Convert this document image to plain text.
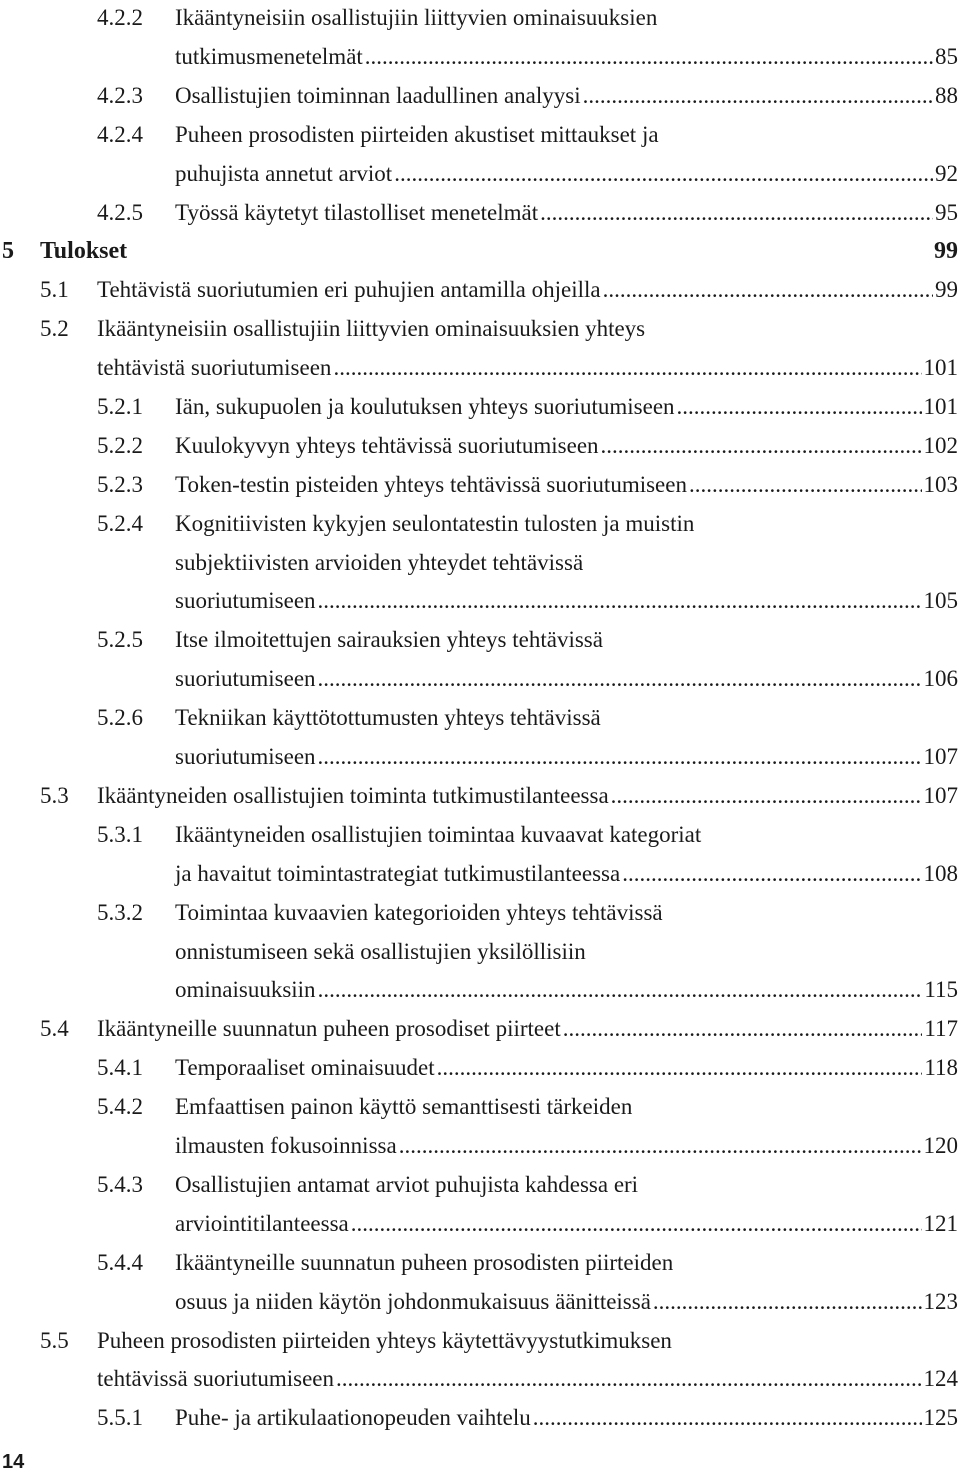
4.2.2 Ikääntyneisiin osallistujiin liittyvien ominaisuuksien
tutkimusmenetelmät .....	85
4.2.3 Osallistujien toiminnan laadullinen analyysi .....	88
4.2.4 Puheen prosodisten piirteiden akustiset mittaukset ja
puhujista annetut arviot .....	92
4.2.5 Työssä käytetyt tilastolliset menetelmät .....	95
5 Tulokset	99
5.1 Tehtävistä suoriutumien eri puhujien antamilla ohjeilla .....	99
5.2 Ikääntyneisiin osallistujiin liittyvien ominaisuuksien yhteys
tehtävistä suoriutumiseen .....	101
5.2.1 Iän, sukupuolen ja koulutuksen yhteys suoriutumiseen .....	101
5.2.2 Kuulokyvyn yhteys tehtävissä suoriutumiseen .....	102
5.2.3 Token-testin pisteiden yhteys tehtävissä suoriutumiseen .....	103
5.2.4 Kognitiivisten kykyjen seulontatestin tulosten ja muistin
subjektiivisten arvioiden yhteydet tehtävissä
suoriutumiseen .....	105
5.2.5 Itse ilmoitettujen sairauksien yhteys tehtävissä
suoriutumiseen .....	106
5.2.6 Tekniikan käyttötottumusten yhteys tehtävissä
suoriutumiseen .....	107
5.3 Ikääntyneiden osallistujien toiminta tutkimustilanteessa .....	107
5.3.1 Ikääntyneiden osallistujien toimintaa kuvaavat kategoriat
ja havaitut toimintastrategiat tutkimustilanteessa .....	108
5.3.2 Toimintaa kuvaavien kategorioiden yhteys tehtävissä
onnistumiseen sekä osallistujien yksilöllisiin
ominaisuuksiin .....	115
5.4 Ikääntyneille suunnatun puheen prosodiset piirteet .....	117
5.4.1 Temporaaliset ominaisuudet .....	118
5.4.2 Emfaattisen painon käyttö semanttisesti tärkeiden
ilmausten fokusoinnissa .....	120
5.4.3 Osallistujien antamat arviot puhujista kahdessa eri
arviointitilanteessa .....	121
5.4.4 Ikääntyneille suunnatun puheen prosodisten piirteiden
osuus ja niiden käytön johdonmukaisuus äänitteissä .....	123
5.5 Puheen prosodisten piirteiden yhteys käytettävyystutkimuksen
tehtävissä suoriutumiseen .....	124
5.5.1 Puhe- ja artikulaationopeuden vaihtelu .....	125
14
